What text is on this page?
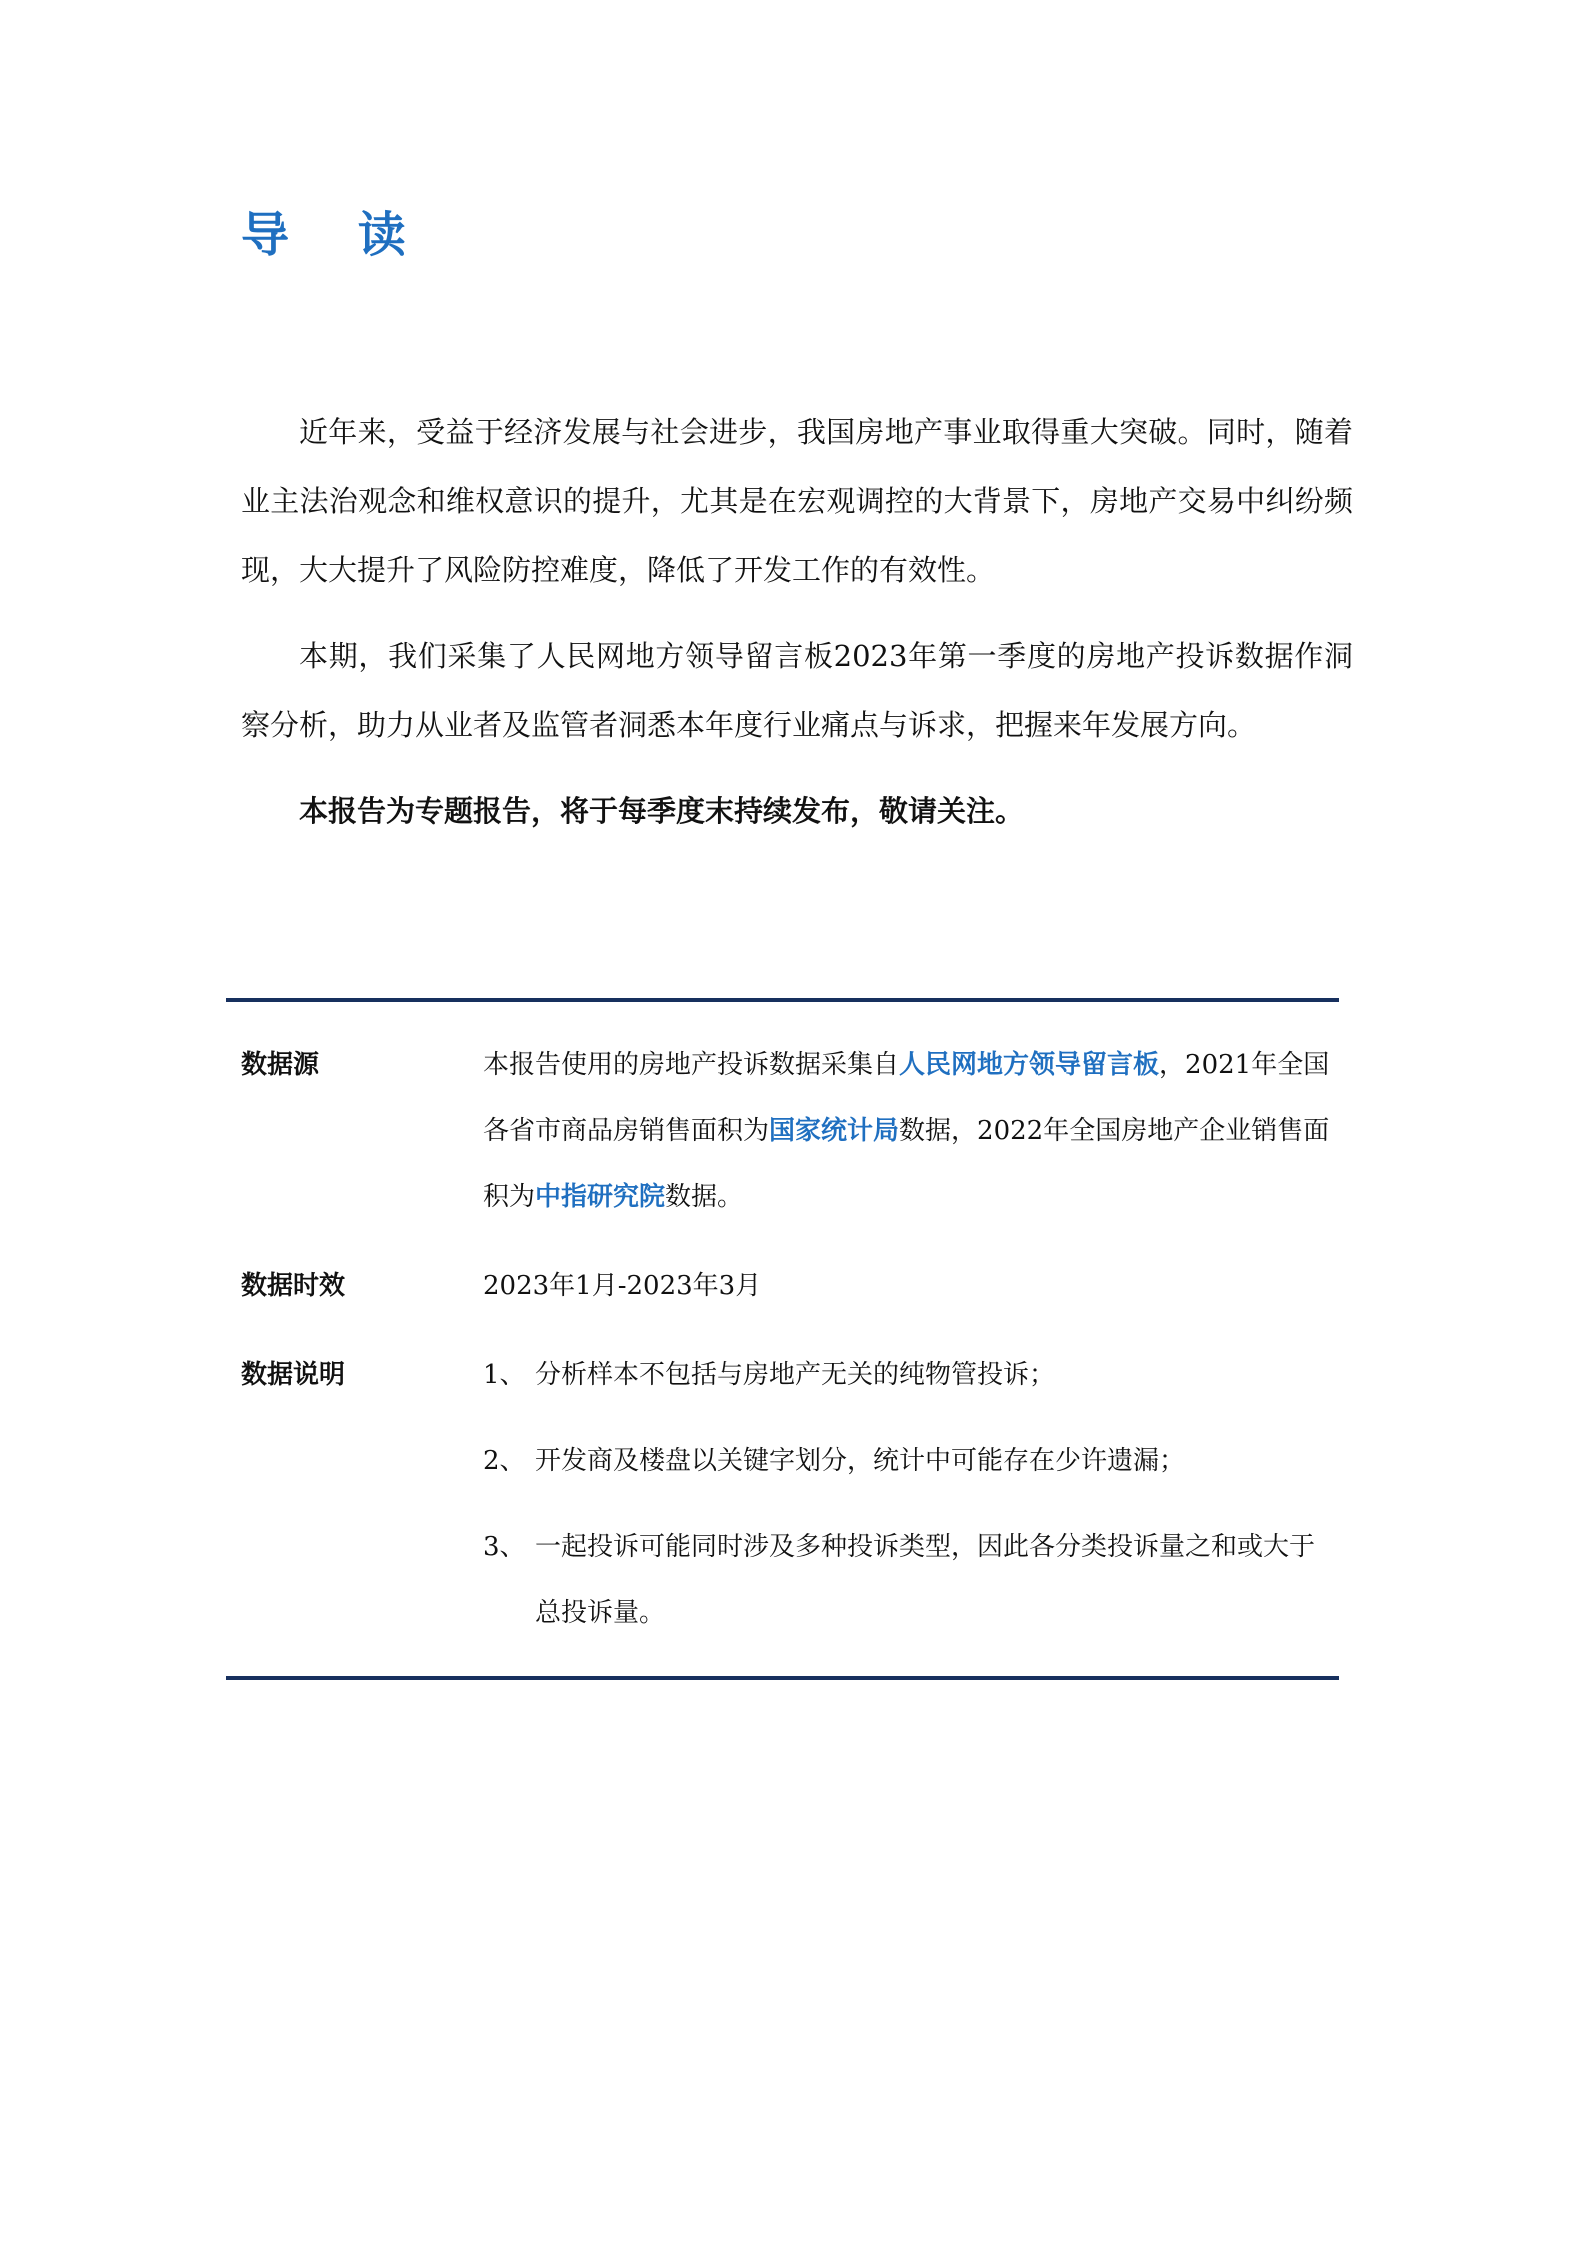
导 读

近年来，受益于经济发展与社会进步，我国房地产事业取得重大突破。同时，随着业主法治观念和维权意识的提升，尤其是在宏观调控的大背景下，房地产交易中纠纷频现，大大提升了风险防控难度，降低了开发工作的有效性。

本期，我们采集了人民网地方领导留言板2023年第一季度的房地产投诉数据作洞察分析，助力从业者及监管者洞悉本年度行业痛点与诉求，把握来年发展方向。

本报告为专题报告，将于每季度末持续发布，敬请关注。

数据源	本报告使用的房地产投诉数据采集自人民网地方领导留言板，2021年全国各省市商品房销售面积为国家统计局数据，2022年全国房地产企业销售面积为中指研究院数据。
数据时效	2023年1月-2023年3月
数据说明	1、 分析样本不包括与房地产无关的纯物管投诉；
2、 开发商及楼盘以关键字划分，统计中可能存在少许遗漏；
3、 一起投诉可能同时涉及多种投诉类型，因此各分类投诉量之和或大于总投诉量。
